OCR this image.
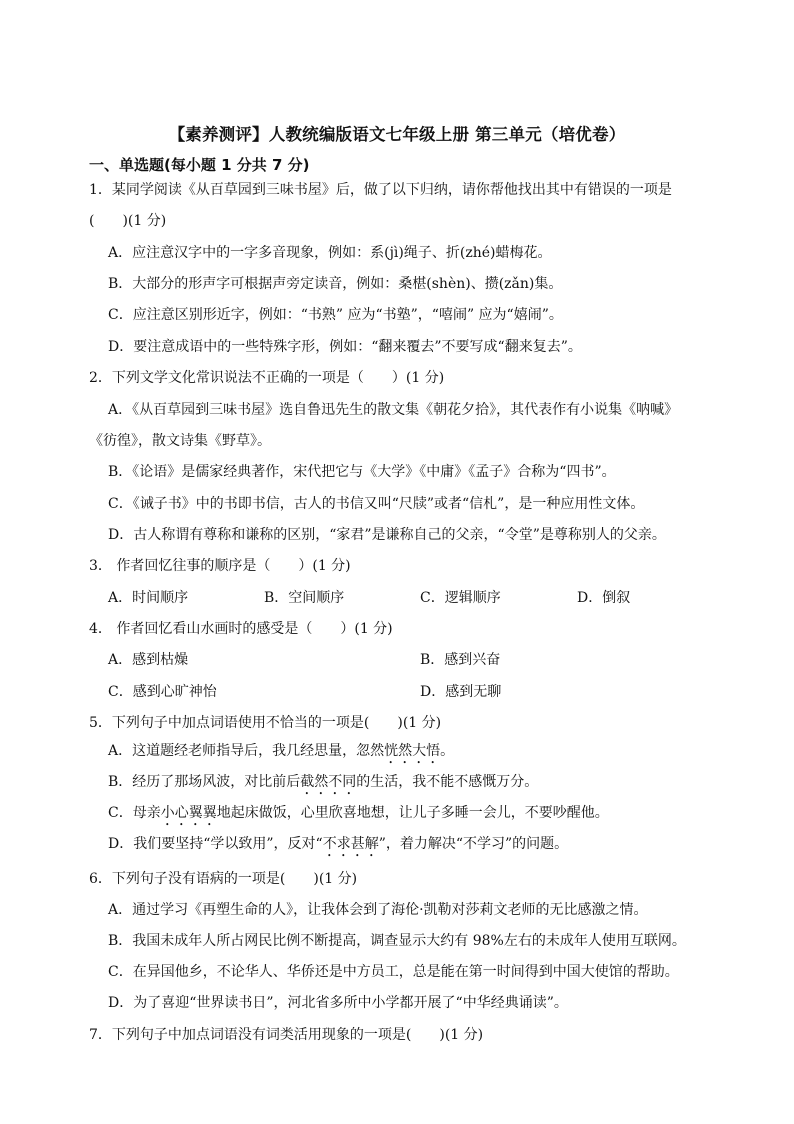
【素养测评】人教统编版语文七年级上册 第三单元（培优卷）
一、单选题(每小题 1 分共 7 分)
1．某同学阅读《从百草园到三味书屋》后，做了以下归纳，请你帮他找出其中有错误的一项是
(　　)(1 分)
A．应注意汉字中的一字多音现象，例如：系(jì)绳子、折(zhé)蜡梅花。
B．大部分的形声字可根据声旁定读音，例如：桑椹(shèn)、攒(zǎn)集。
C．应注意区别形近字，例如：“书熟” 应为“书塾”，“嘻闹” 应为“嬉闹”。
D．要注意成语中的一些特殊字形，例如：“翻来覆去”不要写成“翻来复去”。
2．下列文学文化常识说法不正确的一项是（　　）(1 分)
A．《从百草园到三味书屋》选自鲁迅先生的散文集《朝花夕拾》，其代表作有小说集《呐喊》
《彷徨》，散文诗集《野草》。
B．《论语》是儒家经典著作，宋代把它与《大学》《中庸》《孟子》合称为“四书”。
C．《诫子书》中的书即书信，古人的书信又叫“尺牍”或者“信札”，是一种应用性文体。
D．古人称谓有尊称和谦称的区别，“家君”是谦称自己的父亲，“令堂”是尊称别人的父亲。
3． 作者回忆往事的顺序是（　　）(1 分)
A．时间顺序	B．空间顺序	C．逻辑顺序	D．倒叙
4． 作者回忆看山水画时的感受是（　　）(1 分)
A．感到枯燥	B．感到兴奋
C．感到心旷神怡	D．感到无聊
5．下列句子中加点词语使用不恰当的一项是(　　)(1 分)
A．这道题经老师指导后，我几经思量，忽然恍然大悟。
B．经历了那场风波，对比前后截然不同的生活，我不能不感慨万分。
C．母亲小心翼翼地起床做饭，心里欣喜地想，让儿子多睡一会儿，不要吵醒他。
D．我们要坚持“学以致用”，反对“不求甚解”，着力解决“不学习”的问题。
6．下列句子没有语病的一项是(　　)(1 分)
A．通过学习《再塑生命的人》，让我体会到了海伦·凯勒对莎莉文老师的无比感激之情。
B．我国未成年人所占网民比例不断提高，调查显示大约有 98%左右的未成年人使用互联网。
C．在异国他乡，不论华人、华侨还是中方员工，总是能在第一时间得到中国大使馆的帮助。
D．为了喜迎“世界读书日”，河北省多所中小学都开展了“中华经典诵读”。
7．下列句子中加点词语没有词类活用现象的一项是(　　)(1 分)
